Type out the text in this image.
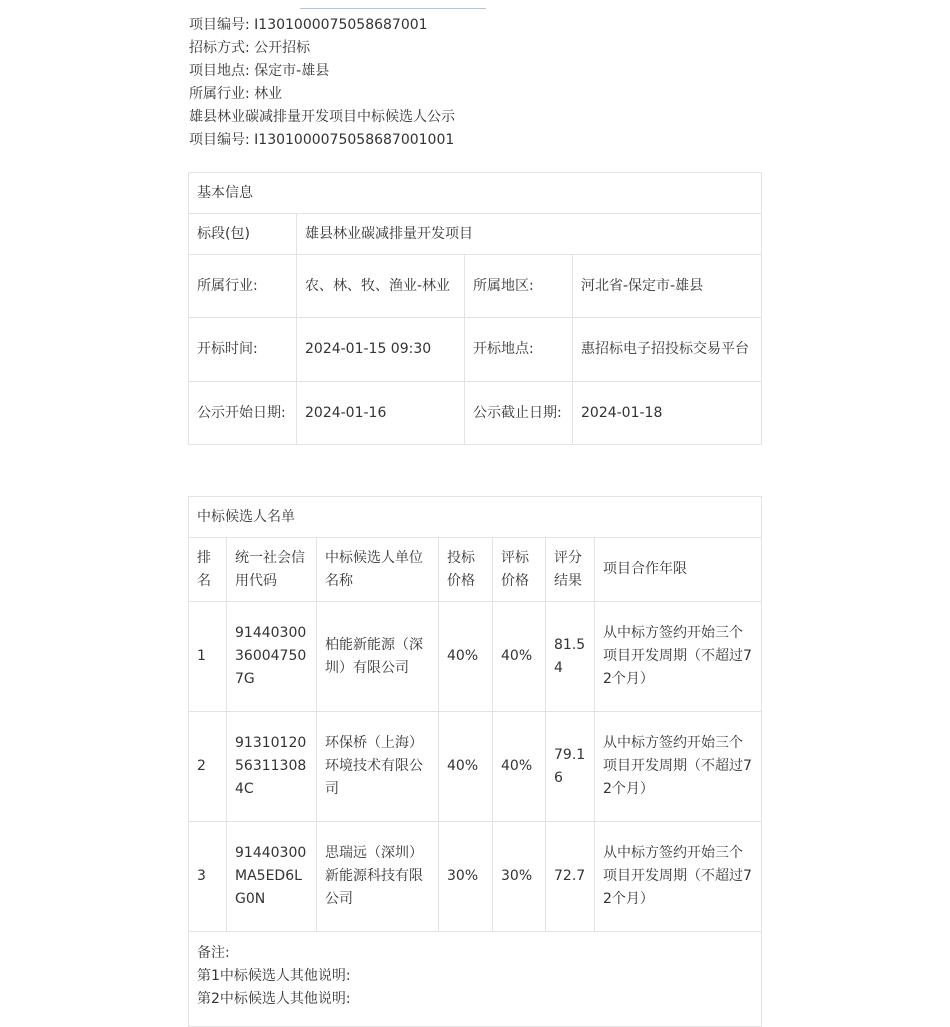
项目编号: I1301000075058687001
招标方式: 公开招标
项目地点: 保定市-雄县
所属行业: 林业
雄县林业碳减排量开发项目中标候选人公示
项目编号: I1301000075058687001001
基本信息			
标段(包)	雄县林业碳减排量开发项目		
所属行业:	农、林、牧、渔业-林业	所属地区:	河北省-保定市-雄县
开标时间:	2024-01-15 09:30	开标地点:	惠招标电子招投标交易平台
公示开始日期:	2024-01-16	公示截止日期:	2024-01-18
中标候选人名单						
排名	统一社会信用代码	中标候选人单位名称	投标价格	评标价格	评分结果	项目合作年限
1	914403003600475​07G	柏能新能源（深圳）有限公司	40%	40%	81.54	从中标方签约开始三个项目开发周期（不超过72个月）
2	91310120563113084C	环保桥（上海）环境技术有限公司	40%	40%	79.16	从中标方签约开始三个项目开发周期（不超过72个月）
3	91440300MA5ED6LG0N	思瑞远（深圳）新能源科技有限公司	30%	30%	72.7	从中标方签约开始三个项目开发周期（不超过72个月）

备注:
第1中标候选人其他说明:
第2中标候选人其他说明:						
